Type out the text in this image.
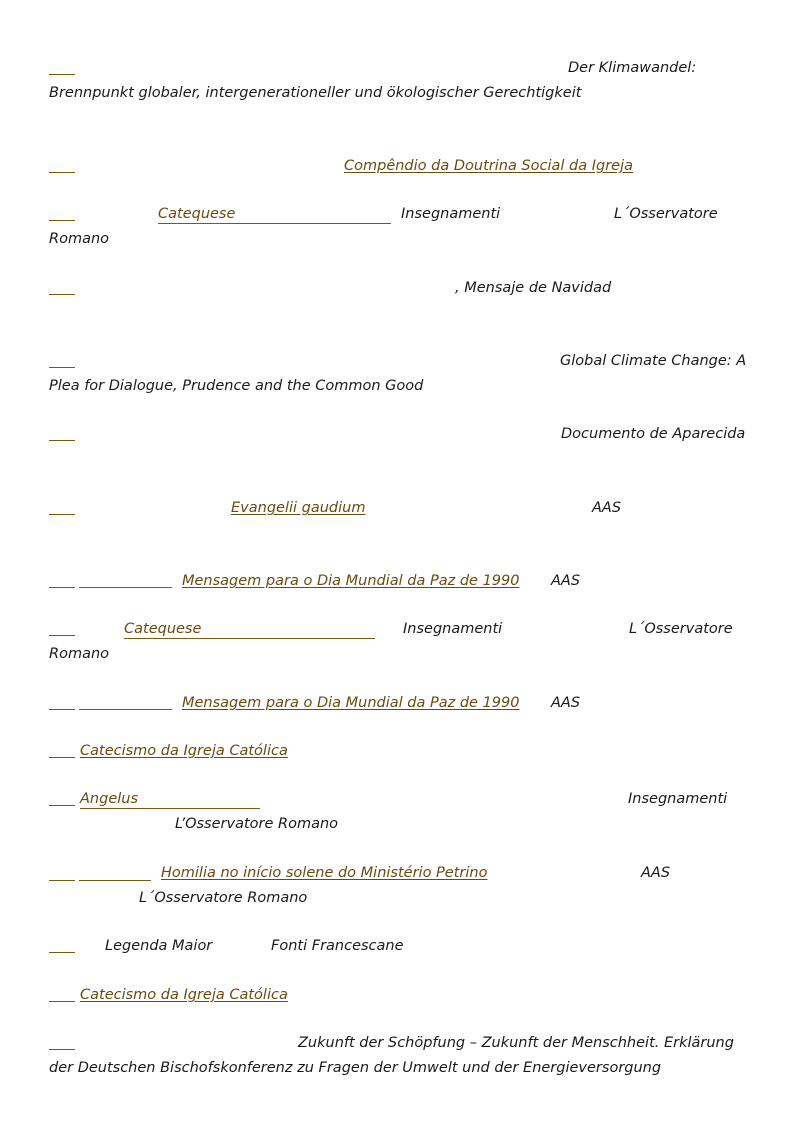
Der Klimawandel:
Brennpunkt globaler, intergenerationeller und ökologischer Gerechtigkeit
Compêndio da Doutrina Social da Igreja
Catequese	Insegnamenti	L´Osservatore
Romano
, Mensaje de Navidad
Global Climate Change: A
Plea for Dialogue, Prudence and the Common Good
Documento de Aparecida
Evangelii gaudium	AAS
Mensagem para o Dia Mundial da Paz de 1990 AAS
Catequese	Insegnamenti	L´Osservatore
Romano
Mensagem para o Dia Mundial da Paz de 1990 AAS
Catecismo da Igreja Católica
Angelus	Insegnamenti
L’Osservatore Romano
Homilia no início solene do Ministério Petrino	AAS
L´Osservatore Romano
Legenda Maior	Fonti Francescane
Catecismo da Igreja Católica
Zukunft der Schöpfung – Zukunft der Menschheit. Erklärung
der Deutschen Bischofskonferenz zu Fragen der Umwelt und der Energieversorgung
